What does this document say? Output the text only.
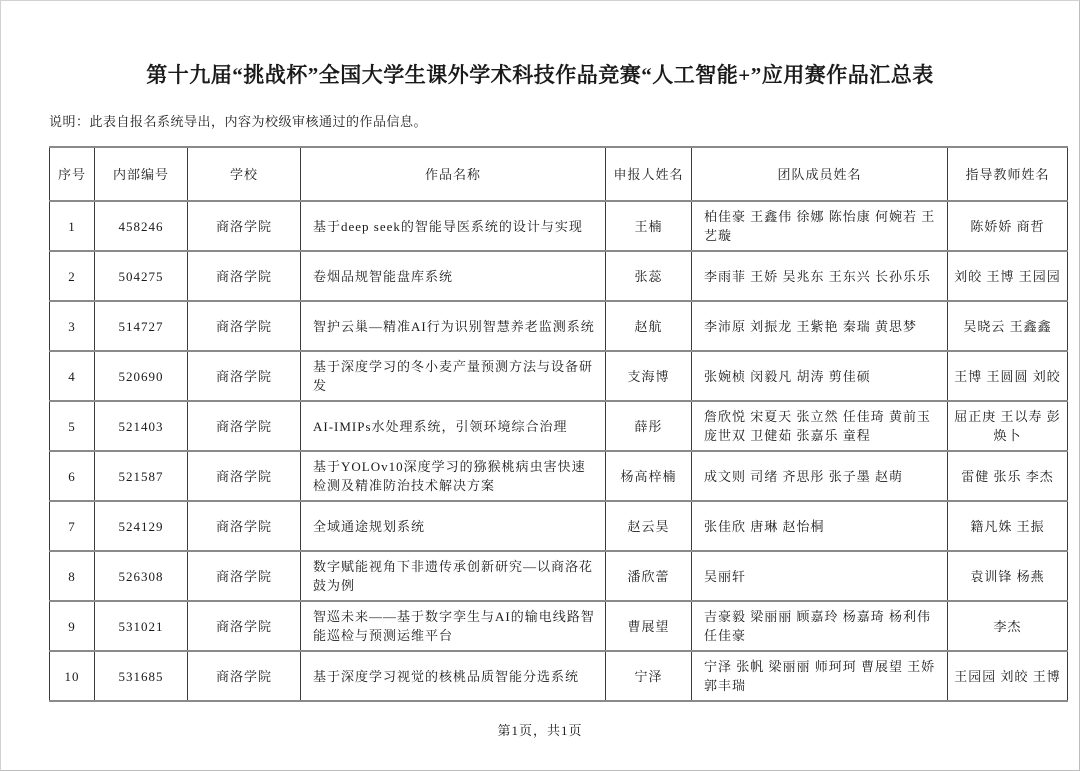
第十九届“挑战杯”全国大学生课外学术科技作品竞赛“人工智能+”应用赛作品汇总表
说明：此表自报名系统导出，内容为校级审核通过的作品信息。
序号	内部编号	学校	作品名称	申报人姓名	团队成员姓名	指导教师姓名
1	458246	商洛学院	基于deep seek的智能导医系统的设计与实现	王楠	柏佳豪 王鑫伟 徐娜 陈怡康 何婉若 王艺璇	陈娇娇 商哲
2	504275	商洛学院	卷烟品规智能盘库系统	张蕊	李雨菲 王娇 吴兆东 王东兴 长孙乐乐	刘皎 王博 王园园
3	514727	商洛学院	智护云巢—精准AI行为识别智慧养老监测系统	赵航	李沛原 刘振龙 王紫艳 秦瑞 黄思梦	吴晓云 王鑫鑫
4	520690	商洛学院	基于深度学习的冬小麦产量预测方法与设备研发	支海博	张婉桢 闵毅凡 胡涛 剪佳硕	王博 王圆圆 刘皎
5	521403	商洛学院	AI-IMIPs水处理系统，引领环境综合治理	薛彤	詹欣悦 宋夏天 张立然 任佳琦 黄前玉 庞世双 卫健茹 张嘉乐 童程	屈正庚 王以寿 彭焕卜
6	521587	商洛学院	基于YOLOv10深度学习的猕猴桃病虫害快速检测及精准防治技术解决方案	杨高梓楠	成文则 司绪 齐思彤 张子墨 赵萌	雷健 张乐 李杰
7	524129	商洛学院	全域通途规划系统	赵云昊	张佳欣 唐琳 赵怡桐	籍凡姝 王振
8	526308	商洛学院	数字赋能视角下非遗传承创新研究—以商洛花鼓为例	潘欣蕾	吴丽轩	袁训锋 杨燕
9	531021	商洛学院	智巡未来——基于数字孪生与AI的输电线路智能巡检与预测运维平台	曹展望	吉豪毅 梁丽丽 顾嘉玲 杨嘉琦 杨利伟 任佳豪	李杰
10	531685	商洛学院	基于深度学习视觉的核桃品质智能分选系统	宁泽	宁泽 张帆 梁丽丽 师珂珂 曹展望 王娇 郭丰瑞	王园园 刘皎 王博
第1页，共1页
